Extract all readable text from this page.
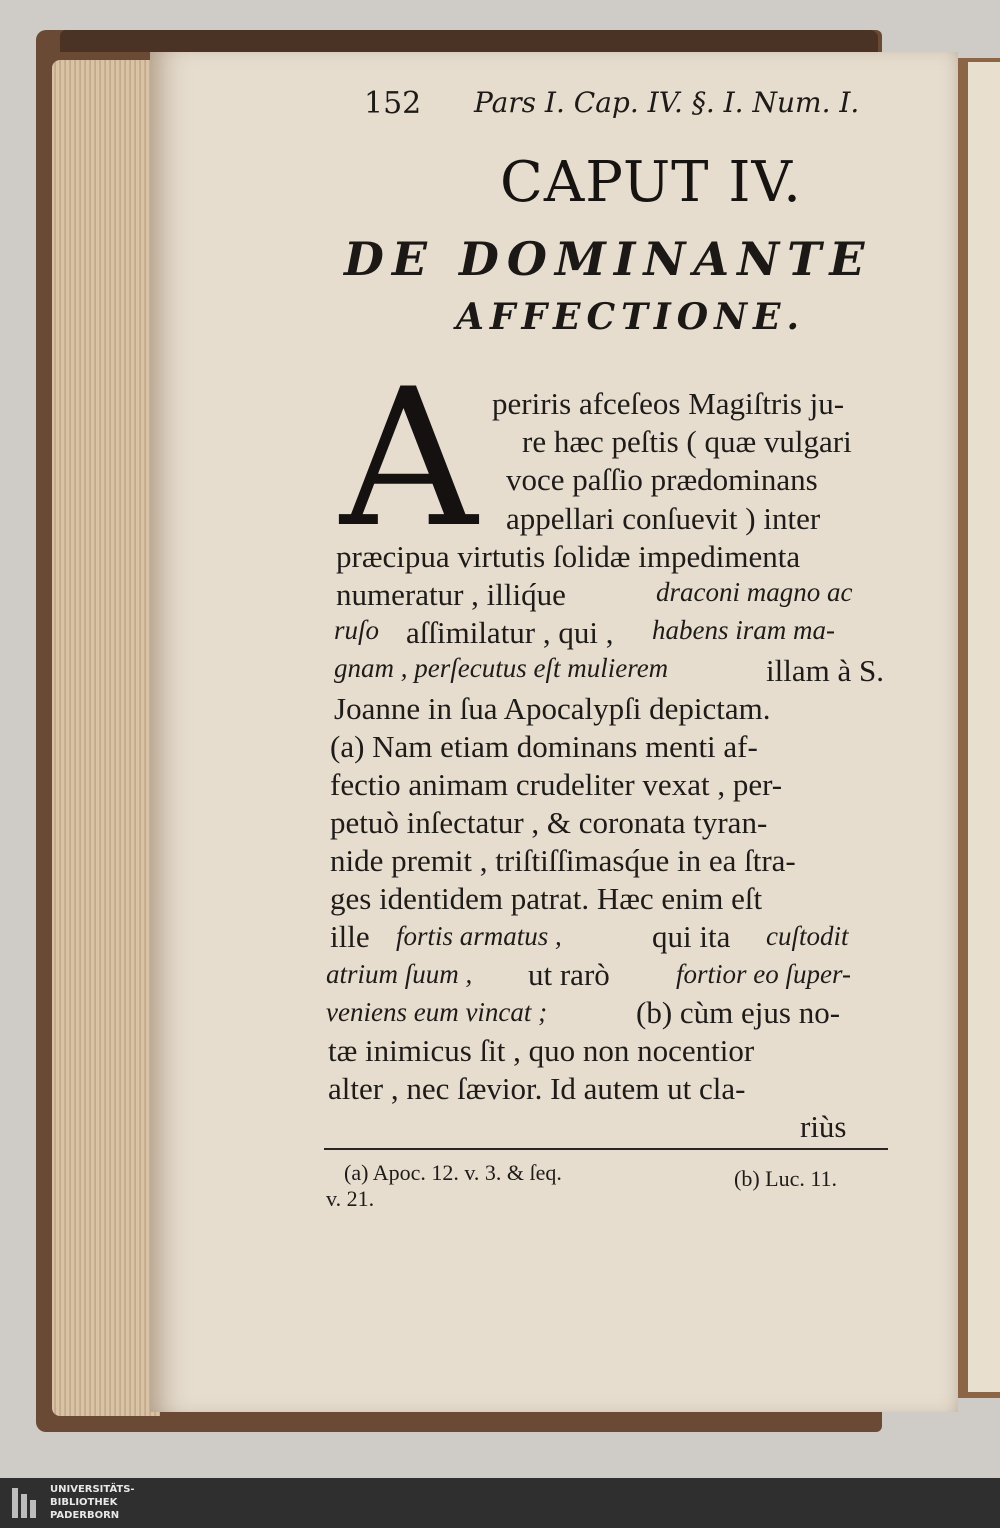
152 Pars I. Cap. IV. §. I. Num. I.
CAPUT IV.
DE DOMINANTE
AFFECTIONE.
A periris afceſeos Magiſtris ju-
re hæc peſtis ( quæ vulgari
voce paſſio prædominans
appellari conſuevit ) inter
præcipua virtutis ſolidæ impedimenta
numeratur , illiq́ue	draconi magno ac
ruſo aſſimilatur , qui , habens iram ma-
gnam , perſecutus eſt mulierem	illam à S.
Joanne in ſua Apocalypſi depictam.
(a) Nam etiam dominans menti af-
fectio animam crudeliter vexat , per-
petuò inſectatur , & coronata tyran-
nide premit , triſtiſſimasq́ue in ea ſtra-
ges identidem patrat. Hæc enim eſt
ille fortis armatus ,	qui ita cuſtodit
atrium ſuum , ut rarò fortior eo ſuper-
veniens eum vincat ;	(b) cùm ejus no-
tæ inimicus ſit , quo non nocentior
alter , nec ſævior. Id autem ut cla-
riùs
(a) Apoc. 12. v. 3. & ſeq.	(b) Luc. 11.
v. 21.
UNIVERSITÄTS-
BIBLIOTHEK
PADERBORN
